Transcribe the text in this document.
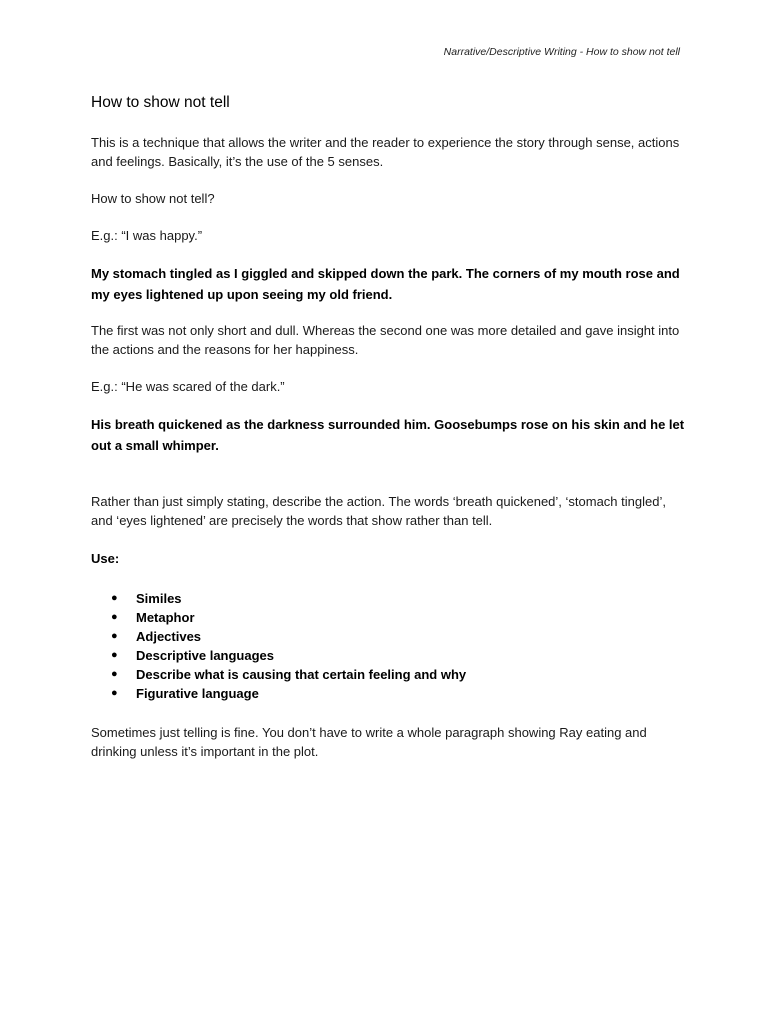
Narrative/Descriptive Writing - How to show not tell
How to show not tell

This is a technique that allows the writer and the reader to experience the story through sense, actions and feelings. Basically, it’s the use of the 5 senses.

How to show not tell?

E.g.: “I was happy.”

My stomach tingled as I giggled and skipped down the park. The corners of my mouth rose and my eyes lightened up upon seeing my old friend.

The first was not only short and dull. Whereas the second one was more detailed and gave insight into the actions and the reasons for her happiness.

E.g.: “He was scared of the dark.”

His breath quickened as the darkness surrounded him. Goosebumps rose on his skin and he let out a small whimper.

Rather than just simply stating, describe the action. The words ‘breath quickened’, ‘stomach tingled’, and ‘eyes lightened’ are precisely the words that show rather than tell.

Use:

● Similes
● Metaphor
● Adjectives
● Descriptive languages
● Describe what is causing that certain feeling and why
● Figurative language

Sometimes just telling is fine. You don’t have to write a whole paragraph showing Ray eating and drinking unless it’s important in the plot.
